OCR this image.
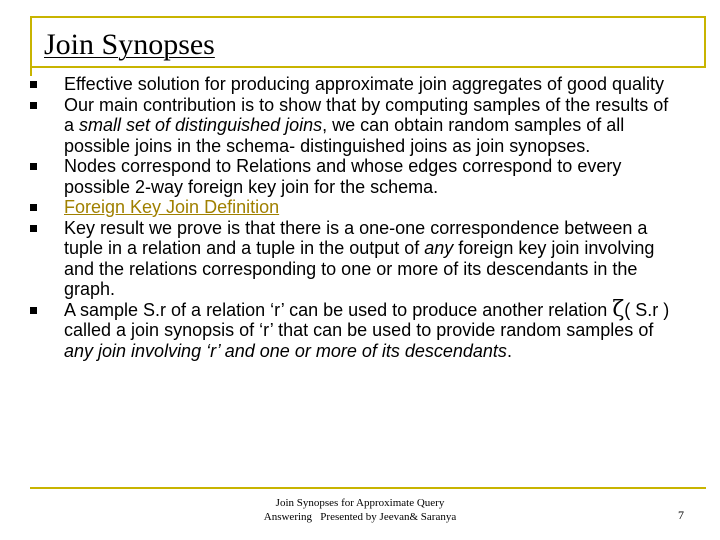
Join Synopses
Effective solution for producing approximate join aggregates of good quality
Our main contribution is to show that by computing samples of the results of a small set of distinguished joins, we can obtain random samples of all possible joins in the schema- distinguished joins as join synopses.
Nodes correspond to Relations and whose edges correspond to every possible 2-way foreign key join for the schema.
Foreign Key Join Definition
Key result we prove is that there is a one-one correspondence between a tuple in a relation and a tuple in the output of any foreign key join involving and the relations corresponding to one or more of its descendants in the graph.
A sample S.r of a relation ‘r’ can be used to produce another relation ζ( S.r ) called a join synopsis of ‘r’ that can be used to provide random samples of any join involving ‘r’ and one or more of its descendants.
Join Synopses for Approximate Query
Answering   Presented by Jeevan& Saranya	7
